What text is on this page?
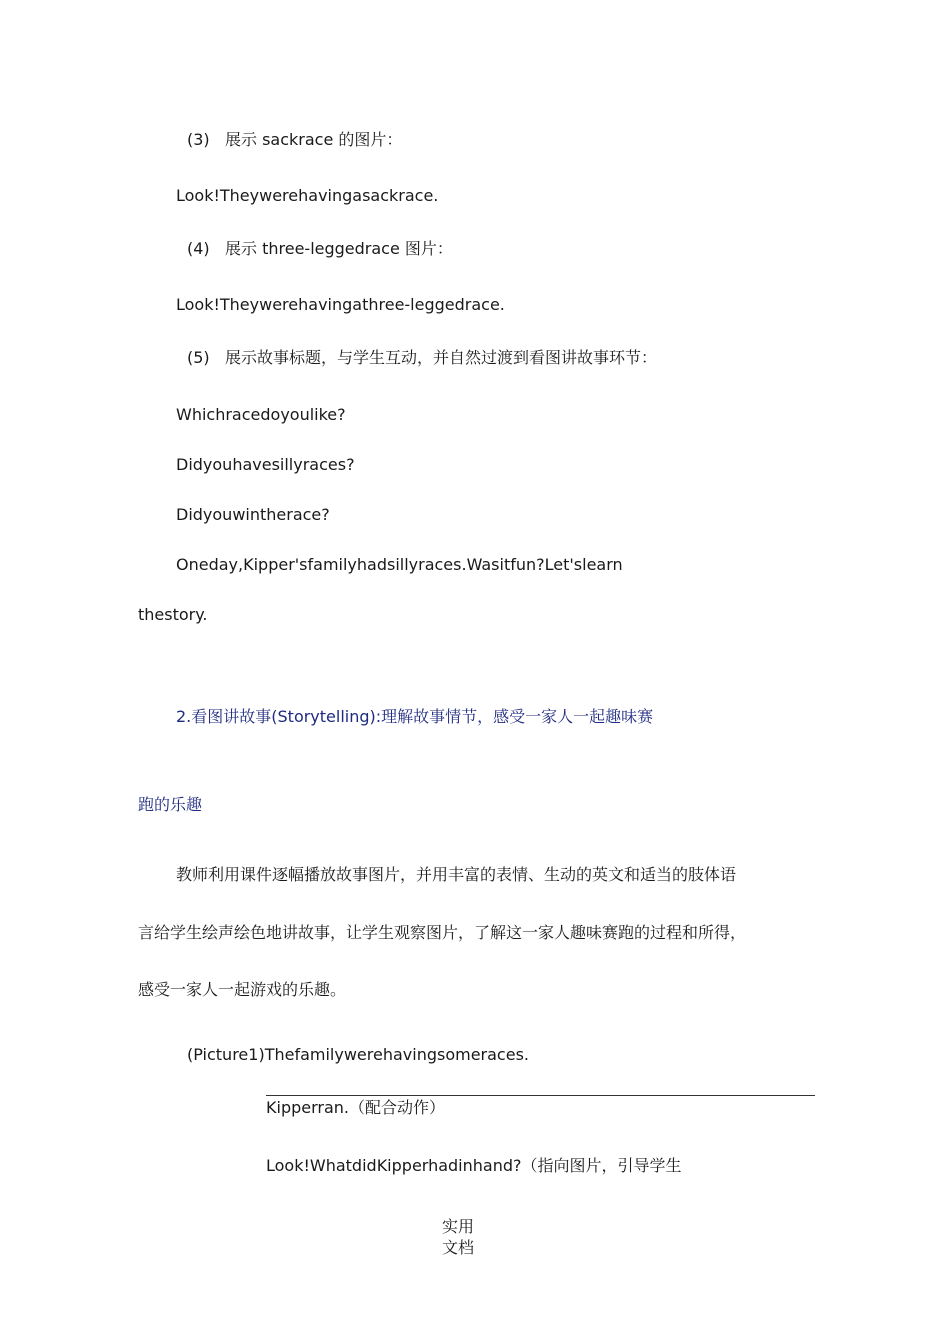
(3) 展示 sackrace 的图片：
Look!Theywerehavingasackrace.
(4) 展示 three-leggedrace 图片：
Look!Theywerehavingathree-leggedrace.
(5) 展示故事标题，与学生互动，并自然过渡到看图讲故事环节：
Whichracedoyoulike?
Didyouhavesillyraces?
Didyouwintherace?
Oneday,Kipper'sfamilyhadsillyraces.Wasitfun?Let'slearn
thestory.
2.看图讲故事(Storytelling):理解故事情节，感受一家人一起趣味赛
跑的乐趣
教师利用课件逐幅播放故事图片，并用丰富的表情、生动的英文和适当的肢体语
言给学生绘声绘色地讲故事，让学生观察图片，了解这一家人趣味赛跑的过程和所得，
感受一家人一起游戏的乐趣。
(Picture1)Thefamilywerehavingsomeraces.
Kipperran.（配合动作）
Look!WhatdidKipperhadinhand?（指向图片，引导学生
实用
文档
